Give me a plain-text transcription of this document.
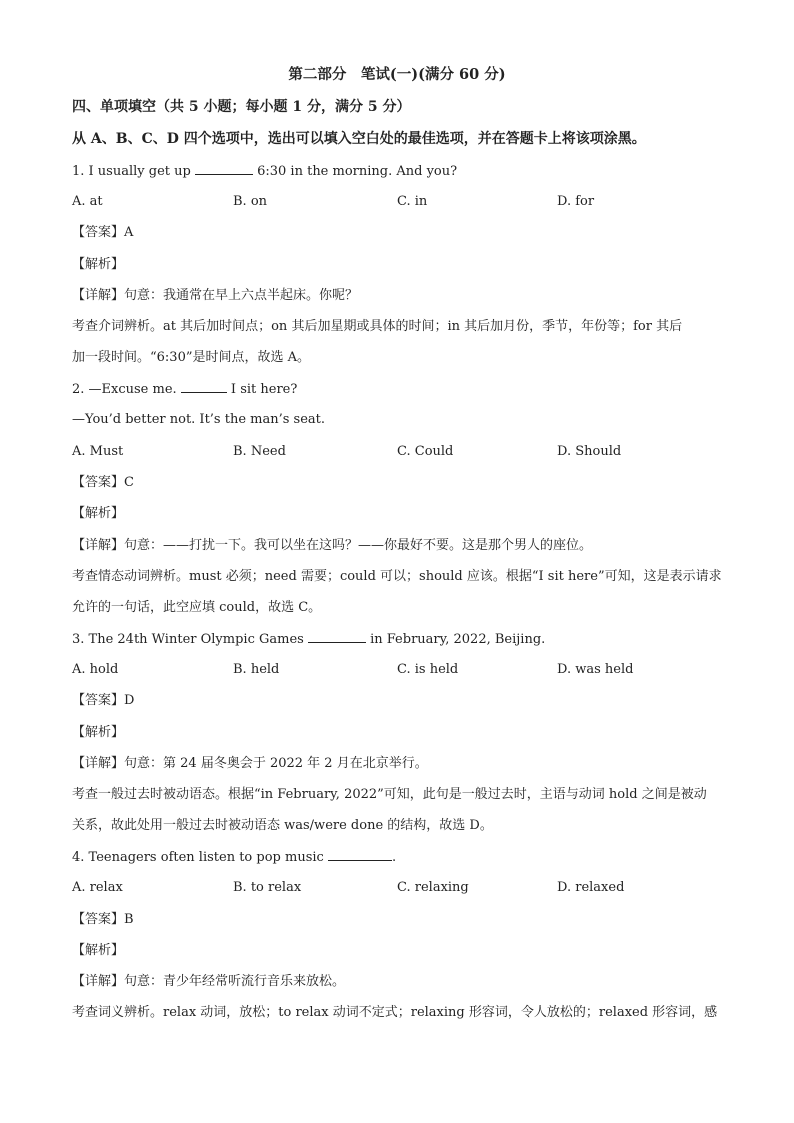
第二部分　笔试(一)(满分 60 分)
四、单项填空（共 5 小题；每小题 1 分，满分 5 分）
从 A、B、C、D 四个选项中，选出可以填入空白处的最佳选项，并在答题卡上将该项涂黑。
1. I usually get up	6:30 in the morning. And you?
A. at	B. on	C. in	D. for
【答案】A
【解析】
【详解】句意：我通常在早上六点半起床。你呢？
考查介词辨析。at 其后加时间点；on 其后加星期或具体的时间；in 其后加月份，季节，年份等；for 其后
加一段时间。“6:30”是时间点，故选 A。
2. —Excuse me.	I sit here?
—You’d better not. It’s the man’s seat.
A. Must	B. Need	C. Could	D. Should
【答案】C
【解析】
【详解】句意：——打扰一下。我可以坐在这吗？——你最好不要。这是那个男人的座位。
考查情态动词辨析。must 必须；need 需要；could 可以；should 应该。根据“I sit here”可知，这是表示请求
允许的一句话，此空应填 could，故选 C。
3. The 24th Winter Olympic Games	in February, 2022, Beijing.
A. hold	B. held	C. is held	D. was held
【答案】D
【解析】
【详解】句意：第 24 届冬奥会于 2022 年 2 月在北京举行。
考查一般过去时被动语态。根据“in February, 2022”可知，此句是一般过去时，主语与动词 hold 之间是被动
关系，故此处用一般过去时被动语态 was/were done 的结构，故选 D。
4. Teenagers often listen to pop music	.
A. relax	B. to relax	C. relaxing	D. relaxed
【答案】B
【解析】
【详解】句意：青少年经常听流行音乐来放松。
考查词义辨析。relax 动词，放松；to relax 动词不定式；relaxing 形容词，令人放松的；relaxed 形容词，感
